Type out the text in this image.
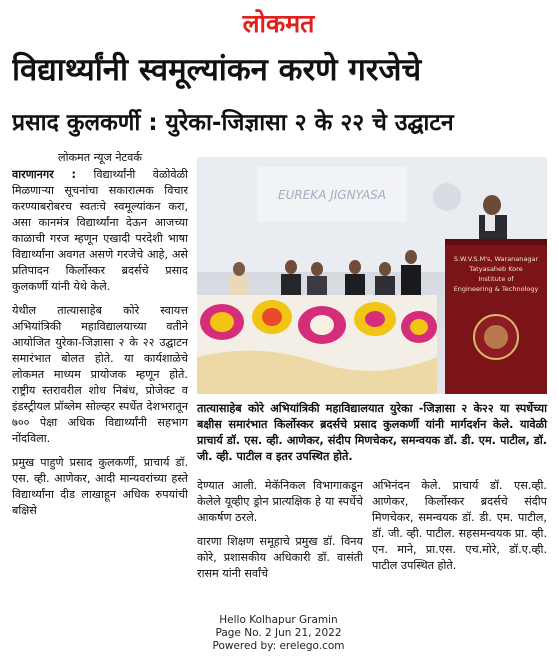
लोकमत
विद्यार्थ्यांनी स्वमूल्यांकन करणे गरजेचे
प्रसाद कुलकर्णी : युरेका-जिज्ञासा २ के २२ चे उद्घाटन

लोकमत न्यूज नेटवर्क

वारणानगर : विद्यार्थ्यांनी वेळोवेळी मिळणाऱ्या सूचनांचा सकारात्मक विचार करण्याबरोबरच स्वतःचे स्वमूल्यांकन करा, असा कानमंत्र विद्यार्थ्यांना देऊन आजच्या काळाची गरज म्हणून एखादी परदेशी भाषा विद्यार्थ्यांना अवगत असणे गरजेचे आहे, असे प्रतिपादन किर्लोस्कर ब्रदर्सचे प्रसाद कुलकर्णी यांनी येथे केले.

येथील तात्यासाहेब कोरे स्वायत्त अभियांत्रिकी महाविद्यालयाच्या वतीने आयोजित युरेका-जिज्ञासा २ के २२ उद्घाटन समारंभात बोलत होते. या कार्यशाळेचे लोकमत माध्यम प्रायोजक म्हणून होते. राष्ट्रीय स्तरावरील शोध निबंध, प्रोजेक्ट व इंडस्ट्रीयल प्रॉब्लेम सोल्व्हर स्पर्धेत देशभरातून ७०० पेक्षा अधिक विद्यार्थ्यांनी सहभाग नोंदविला.

प्रमुख पाहुणे प्रसाद कुलकर्णी, प्राचार्य डॉ. एस. व्ही. आणेकर, आदी मान्यवरांच्या हस्ते विद्यार्थ्यांना दीड लाखाहून अधिक रुपयांची बक्षिसे

EUREKA JIGNYASA
S.W.V.S.M's, Warananagar
Tatyasaheb Kore
Institute of
Engineering & Technology
तात्यासाहेब कोरे अभियांत्रिकी महाविद्यालयात युरेका -जिज्ञासा २ के२२ या स्पर्धेच्या बक्षीस समारंभात किर्लोस्कर ब्रदर्सचे प्रसाद कुलकर्णी यांनी मार्गदर्शन केले. यावेळी प्राचार्य डॉ. एस. व्ही. आणेकर, संदीप मिणचेकर, समन्वयक डॉ. डी. एम. पाटील, डॉ. जी. व्ही. पाटील व इतर उपस्थित होते.

देण्यात आली. मेकॅनिकल विभागाकडून केलेले यूव्हीए ड्रोन प्रात्यक्षिक हे या स्पर्धेचे आकर्षण ठरले.

वारणा शिक्षण समूहाचे प्रमुख डॉ. विनय कोरे, प्रशासकीय अधिकारी डॉ. वासंती रासम यांनी सर्वांचे

अभिनंदन केले. प्राचार्य डॉ. एस.व्ही. आणेकर, किर्लोस्कर ब्रदर्सचे संदीप मिणचेकर, समन्वयक डॉ. डी. एम. पाटील, डॉ. जी. व्ही. पाटील. सहसमन्वयक प्रा. व्ही. एन. माने, प्रा.एस. एच.मोरे, डॉ.ए.व्ही. पाटील उपस्थित होते.

Hello Kolhapur Gramin
Page No. 2 Jun 21, 2022
Powered by: erelego.com
